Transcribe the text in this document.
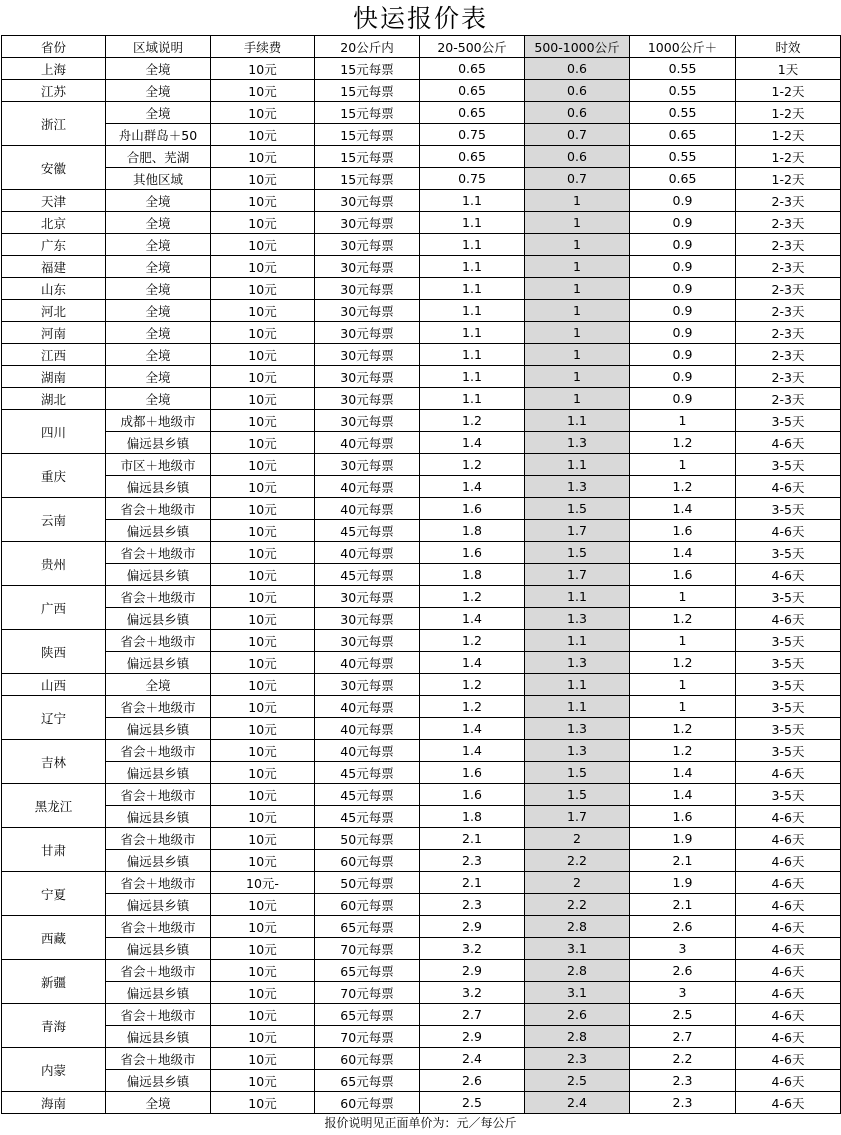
快运报价表
省份	区域说明	手续费	20公斤内	20-500公斤	500-1000公斤	1000公斤＋	时效
上海	全境	10元	15元每票	0.65	0.6	0.55	1天
江苏	全境	10元	15元每票	0.65	0.6	0.55	1-2天
浙江	全境	10元	15元每票	0.65	0.6	0.55	1-2天
	舟山群岛＋50	10元	15元每票	0.75	0.7	0.65	1-2天
安徽	合肥、芜湖	10元	15元每票	0.65	0.6	0.55	1-2天
	其他区域	10元	15元每票	0.75	0.7	0.65	1-2天
天津	全境	10元	30元每票	1.1	1	0.9	2-3天
北京	全境	10元	30元每票	1.1	1	0.9	2-3天
广东	全境	10元	30元每票	1.1	1	0.9	2-3天
福建	全境	10元	30元每票	1.1	1	0.9	2-3天
山东	全境	10元	30元每票	1.1	1	0.9	2-3天
河北	全境	10元	30元每票	1.1	1	0.9	2-3天
河南	全境	10元	30元每票	1.1	1	0.9	2-3天
江西	全境	10元	30元每票	1.1	1	0.9	2-3天
湖南	全境	10元	30元每票	1.1	1	0.9	2-3天
湖北	全境	10元	30元每票	1.1	1	0.9	2-3天
四川	成都＋地级市	10元	30元每票	1.2	1.1	1	3-5天
	偏远县乡镇	10元	40元每票	1.4	1.3	1.2	4-6天
重庆	市区＋地级市	10元	30元每票	1.2	1.1	1	3-5天
	偏远县乡镇	10元	40元每票	1.4	1.3	1.2	4-6天
云南	省会＋地级市	10元	40元每票	1.6	1.5	1.4	3-5天
	偏远县乡镇	10元	45元每票	1.8	1.7	1.6	4-6天
贵州	省会＋地级市	10元	40元每票	1.6	1.5	1.4	3-5天
	偏远县乡镇	10元	45元每票	1.8	1.7	1.6	4-6天
广西	省会＋地级市	10元	30元每票	1.2	1.1	1	3-5天
	偏远县乡镇	10元	30元每票	1.4	1.3	1.2	4-6天
陕西	省会＋地级市	10元	30元每票	1.2	1.1	1	3-5天
	偏远县乡镇	10元	40元每票	1.4	1.3	1.2	3-5天
山西	全境	10元	30元每票	1.2	1.1	1	3-5天
辽宁	省会＋地级市	10元	40元每票	1.2	1.1	1	3-5天
	偏远县乡镇	10元	40元每票	1.4	1.3	1.2	3-5天
吉林	省会＋地级市	10元	40元每票	1.4	1.3	1.2	3-5天
	偏远县乡镇	10元	45元每票	1.6	1.5	1.4	4-6天
黑龙江	省会＋地级市	10元	45元每票	1.6	1.5	1.4	3-5天
	偏远县乡镇	10元	45元每票	1.8	1.7	1.6	4-6天
甘肃	省会＋地级市	10元	50元每票	2.1	2	1.9	4-6天
	偏远县乡镇	10元	60元每票	2.3	2.2	2.1	4-6天
宁夏	省会＋地级市	10元-	50元每票	2.1	2	1.9	4-6天
	偏远县乡镇	10元	60元每票	2.3	2.2	2.1	4-6天
西藏	省会＋地级市	10元	65元每票	2.9	2.8	2.6	4-6天
	偏远县乡镇	10元	70元每票	3.2	3.1	3	4-6天
新疆	省会＋地级市	10元	65元每票	2.9	2.8	2.6	4-6天
	偏远县乡镇	10元	70元每票	3.2	3.1	3	4-6天
青海	省会＋地级市	10元	65元每票	2.7	2.6	2.5	4-6天
	偏远县乡镇	10元	70元每票	2.9	2.8	2.7	4-6天
内蒙	省会＋地级市	10元	60元每票	2.4	2.3	2.2	4-6天
	偏远县乡镇	10元	65元每票	2.6	2.5	2.3	4-6天
海南	全境	10元	60元每票	2.5	2.4	2.3	4-6天
报价说明见正面单价为：元／每公斤
